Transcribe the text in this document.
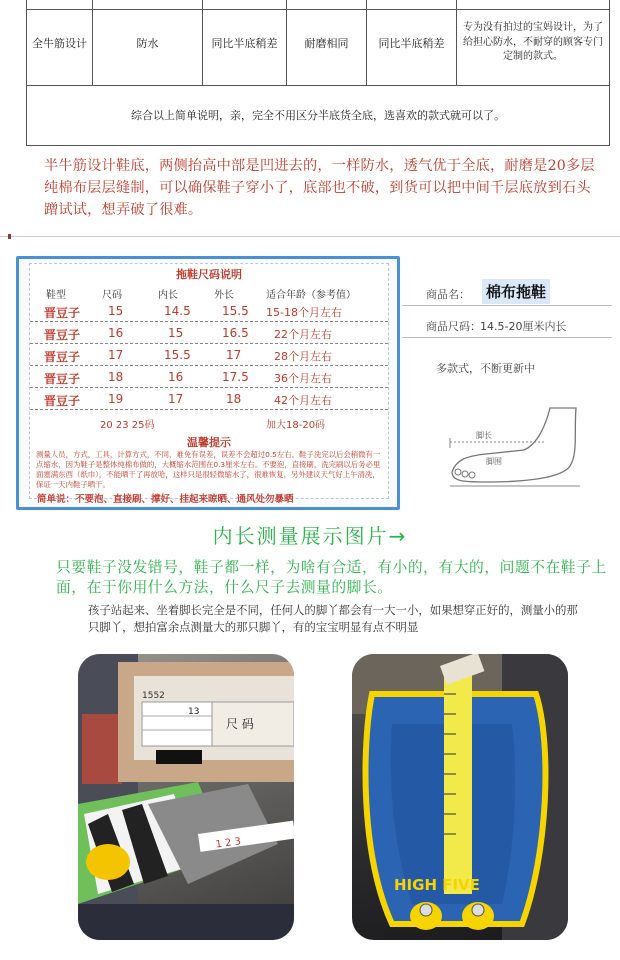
全牛筋设计	防水	同比半底稍差	耐磨相同	同比半底稍差
专为没有拍过的宝妈设计，为了给担心防水，不耐穿的顾客专门定制的款式。
综合以上简单说明，亲，完全不用区分半底货全底，选喜欢的款式就可以了。
半牛筋设计鞋底，两侧抬高中部是凹进去的，一样防水，透气优于全底，耐磨是20多层纯棉布层层缝制，可以确保鞋子穿小了，底部也不破，到货可以把中间千层底放到石头蹭试试，想弄破了很难。
拖鞋尺码说明
鞋型	尺码	内长	外长	适合年龄（参考值）
晋豆子 15	14.5	15.5 15-18个月左右
晋豆子 16	15	16.5 22个月左右
晋豆子 17	15.5	17	28个月左右
晋豆子 18	16	17.5 36个月左右
晋豆子 19	17	18	42个月左右
20 23 25码	加大18-20码
温馨提示
测量人员，方式，工具，计算方式，不同，难免有误差，误差不会超过0.5左右。鞋子洗完以后会稍微有一点缩水，因为鞋子是整体纯棉布做的，大概缩水范围在0.3厘米左右。不要泡，直接刷，洗完刷以后务必里面塞满东西（纸巾），不能晒干了再放哈，这样只是很轻微缩水了，很难恢复，另外建议天气好上午清洗，保证一天内鞋子晒干。
简单说：不要泡、直接刷、撑好、挂起来晾晒、通风处勿暴晒
商品名： 棉布拖鞋
商品尺码： 14.5-20厘米内长
多款式，不断更新中
脚长
脚围
内长测量展示图片→
只要鞋子没发错号，鞋子都一样，为啥有合适，有小的，有大的，问题不在鞋子上面，在于你用什么方法，什么尺子去测量的脚长。
孩子站起来、坐着脚长完全是不同，任何人的脚丫都会有一大一小，如果想穿正好的，测量小的那只脚丫，想拍富余点测量大的那只脚丫，有的宝宝明显有点不明显
1552
尺 码
13
1 2 3
HIGH FIVE
